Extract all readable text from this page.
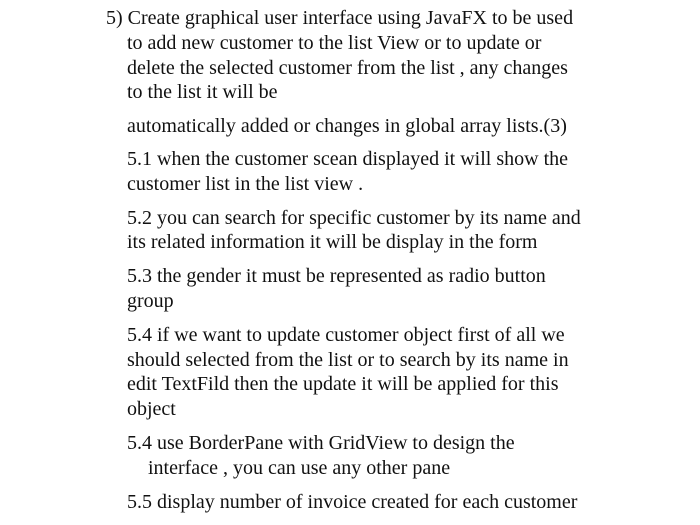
5) Create graphical user interface using JavaFX to be used
to add new customer to the list View or to update or
delete the selected customer from the list , any changes
to the list it will be
automatically added or changes in global array lists.(3)
5.1 when the customer scean displayed it will show the
customer list in the list view .
5.2 you can search for specific customer by its name and
its related information it will be display in the form
5.3 the gender it must be represented as radio button
group
5.4 if we want to update customer object first of all we
should selected from the list or to search by its name in
edit TextFild then the update it will be applied for this
object
5.4 use BorderPane with GridView to design the
interface , you can use any other pane
5.5 display number of invoice created for each customer
